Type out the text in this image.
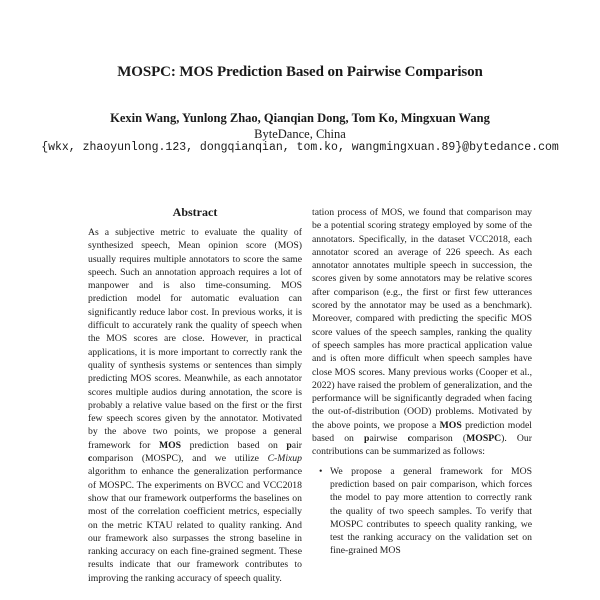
MOSPC: MOS Prediction Based on Pairwise Comparison
Kexin Wang, Yunlong Zhao, Qianqian Dong, Tom Ko, Mingxuan Wang
ByteDance, China
{wkx, zhaoyunlong.123, dongqianqian, tom.ko, wangmingxuan.89}@bytedance.com
Abstract

As a subjective metric to evaluate the quality of synthesized speech, Mean opinion score (MOS) usually requires multiple annotators to score the same speech. Such an annotation approach requires a lot of manpower and is also time-consuming. MOS prediction model for automatic evaluation can significantly reduce labor cost. In previous works, it is difficult to accurately rank the quality of speech when the MOS scores are close. However, in practical applications, it is more important to correctly rank the quality of synthesis systems or sentences than simply predicting MOS scores. Meanwhile, as each annotator scores multiple audios during annotation, the score is probably a relative value based on the first or the first few speech scores given by the annotator. Motivated by the above two points, we propose a general framework for MOS prediction based on pair comparison (MOSPC), and we utilize C-Mixup algorithm to enhance the generalization performance of MOSPC. The experiments on BVCC and VCC2018 show that our framework outperforms the baselines on most of the correlation coefficient metrics, especially on the metric KTAU related to quality ranking. And our framework also surpasses the strong baseline in ranking accuracy on each fine-grained segment. These results indicate that our framework contributes to improving the ranking accuracy of speech quality.

tation process of MOS, we found that comparison may be a potential scoring strategy employed by some of the annotators. Specifically, in the dataset VCC2018, each annotator scored an average of 226 speech. As each annotator annotates multiple speech in succession, the scores given by some annotators may be relative scores after comparison (e.g., the first or first few utterances scored by the annotator may be used as a benchmark). Moreover, compared with predicting the specific MOS score values of the speech samples, ranking the quality of speech samples has more practical application value and is often more difficult when speech samples have close MOS scores. Many previous works (Cooper et al., 2022) have raised the problem of generalization, and the performance will be significantly degraded when facing the out-of-distribution (OOD) problems. Motivated by the above points, we propose a MOS prediction model based on pairwise comparison (MOSPC). Our contributions can be summarized as follows:

• We propose a general framework for MOS prediction based on pair comparison, which forces the model to pay more attention to correctly rank the quality of two speech samples. To verify that MOSPC contributes to speech quality ranking, we test the ranking accuracy on the validation set on fine-grained MOS
